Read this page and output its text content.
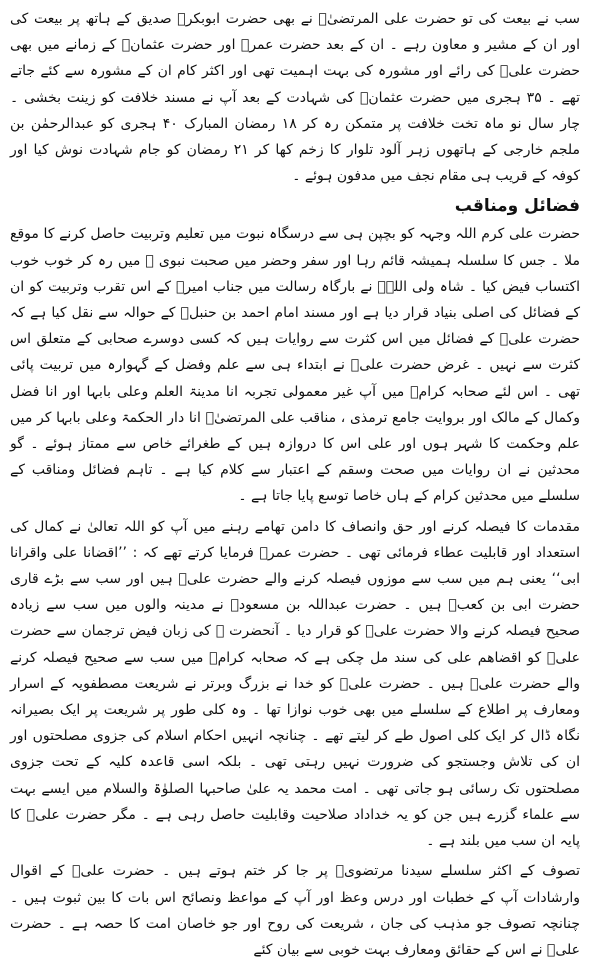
سب نے بیعت کی تو حضرت علی المرتضیٰؓ نے بھی حضرت ابوبکرؓ صدیق کے ہاتھ پر بیعت کی اور ان کے مشیر و معاون رہے ۔ ان کے بعد حضرت عمرؓ اور حضرت عثمانؓ کے زمانے میں بھی حضرت علیؓ کی رائے اور مشورہ کی بہت اہمیت تھی اور اکثر کام ان کے مشورہ سے کئے جاتے تھے ۔ ۳۵ ہجری میں حضرت عثمانؓ کی شہادت کے بعد آپ نے مسند خلافت کو زینت بخشی ۔ چار سال نو ماہ تخت خلافت پر متمکن رہ کر ۱۸ رمضان المبارک ۴۰ ہجری کو عبدالرحمٰن بن ملجم خارجی کے ہاتھوں زہر آلود تلوار کا زخم کھا کر ۲۱ رمضان کو جام شہادت نوش کیا اور کوفہ کے قریب ہی مقام نجف میں مدفون ہوئے ۔

فضائل ومناقب

حضرت علی کرم اللہ وجہہ کو بچپن ہی سے درسگاہ نبوت میں تعلیم وتربیت حاصل کرنے کا موقع ملا ۔ جس کا سلسلہ ہمیشہ قائم رہا اور سفر وحضر میں صحبت نبوی ﷺ میں رہ کر خوب خوب اکتساب فیض کیا ۔ شاہ ولی اللہؒ نے بارگاہ رسالت میں جناب امیرؓ کے اس تقرب وتربیت کو ان کے فضائل کی اصلی بنیاد قرار دیا ہے اور مسند امام احمد بن حنبلؒ کے حوالہ سے نقل کیا ہے کہ حضرت علیؓ کے فضائل میں اس کثرت سے روایات ہیں کہ کسی دوسرے صحابی کے متعلق اس کثرت سے نہیں ۔ غرض حضرت علیؓ نے ابتداء ہی سے علم وفضل کے گہوارہ میں تربیت پائی تھی ۔ اس لئے صحابہ کرامؓ میں آپ غیر معمولی تجربہ انا مدینۃ العلم وعلی بابہا اور انا فضل وکمال کے مالک اور بروایت جامع ترمذی ، مناقب علی المرتضیٰؓ انا دار الحکمۃ وعلی بابہا کر میں علم وحکمت کا شہر ہوں اور علی اس کا دروازہ ہیں کے طغرائے خاص سے ممتاز ہوئے ۔ گو محدثین نے ان روایات میں صحت وسقم کے اعتبار سے کلام کیا ہے ۔ تاہم فضائل ومناقب کے سلسلے میں محدثین کرام کے ہاں خاصا توسع پایا جاتا ہے ۔

مقدمات کا فیصلہ کرنے اور حق وانصاف کا دامن تھامے رہنے میں آپ کو اللہ تعالیٰ نے کمال کی استعداد اور قابلیت عطاء فرمائی تھی ۔ حضرت عمرؓ فرمایا کرتے تھے کہ : ’’اقضانا علی واقرانا ابی‘‘ یعنی ہم میں سب سے موزوں فیصلہ کرنے والے حضرت علیؓ ہیں اور سب سے بڑے قاری حضرت ابی بن کعبؓ ہیں ۔ حضرت عبداللہ بن مسعودؓ نے مدینہ والوں میں سب سے زیادہ صحیح فیصلہ کرنے والا حضرت علیؓ کو قرار دیا ۔ آنحضرت ﷺ کی زبان فیض ترجمان سے حضرت علیؓ کو اقضاھم علی کی سند مل چکی ہے کہ صحابہ کرامؓ میں سب سے صحیح فیصلہ کرنے والے حضرت علیؓ ہیں ۔ حضرت علیؓ کو خدا نے بزرگ وبرتر نے شریعت مصطفویہ کے اسرار ومعارف پر اطلاع کے سلسلے میں بھی خوب نوازا تھا ۔ وہ کلی طور پر شریعت پر ایک بصیرانہ نگاہ ڈال کر ایک کلی اصول طے کر لیتے تھے ۔ چنانچہ انہیں احکام اسلام کی جزوی مصلحتوں اور ان کی تلاش وجستجو کی ضرورت نہیں رہتی تھی ۔ بلکہ اسی قاعدہ کلیہ کے تحت جزوی مصلحتوں تک رسائی ہو جاتی تھی ۔ امت محمد یہ علیٰ صاحبہا الصلوٰۃ والسلام میں ایسے بہت سے علماء گزرے ہیں جن کو یہ خداداد صلاحیت وقابلیت حاصل رہی ہے ۔ مگر حضرت علیؓ کا پایہ ان سب میں بلند ہے ۔

تصوف کے اکثر سلسلے سیدنا مرتضویؓ پر جا کر ختم ہوتے ہیں ۔ حضرت علیؓ کے اقوال وارشادات آپ کے خطبات اور درس وعظ اور آپ کے مواعظ ونصائح اس بات کا بین ثبوت ہیں ۔ چنانچہ تصوف جو مذہب کی جان ، شریعت کی روح اور جو خاصان امت کا حصہ ہے ۔ حضرت علیؓ نے اس کے حقائق ومعارف بہت خوبی سے بیان کئے
